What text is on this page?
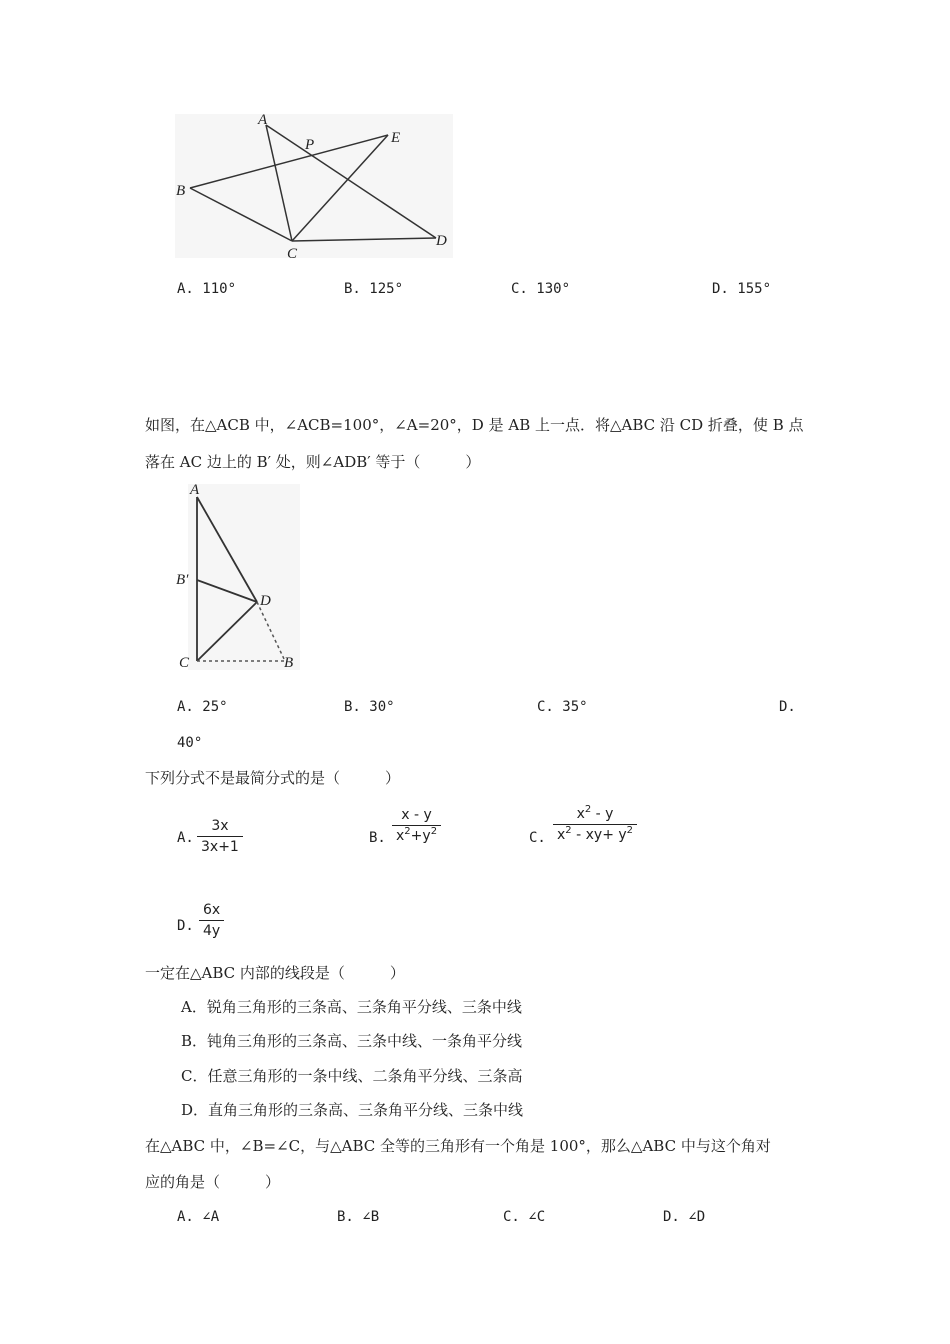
A
P	E
B
C
D
A. 110°	B. 125°	C. 130°	D. 155°
如图，在△ACB 中，∠ACB=100°，∠A=20°，D 是 AB 上一点．将△ABC 沿 CD 折叠，使 B 点
落在 AC 边上的 B′ 处，则∠ADB′ 等于（　　　）
A
B′
D
C	B
A. 25°	B. 30°	C. 35°	D.
40°
下列分式不是最简分式的是（　　　）
A.
3x
3x+1
B.
x - y
$x^2+y^2$	C.
$x^2$ - y
$x^2 - xy+ y^2$
D.
6x
4y
一定在△ABC 内部的线段是（　　　）
A．锐角三角形的三条高、三条角平分线、三条中线
B．钝角三角形的三条高、三条中线、一条角平分线
C．任意三角形的一条中线、二条角平分线、三条高
D．直角三角形的三条高、三条角平分线、三条中线
在△ABC 中，∠B=∠C，与△ABC 全等的三角形有一个角是 100°，那么△ABC 中与这个角对
应的角是（　　　）
A. ∠A	B. ∠B	C. ∠C	D. ∠D
